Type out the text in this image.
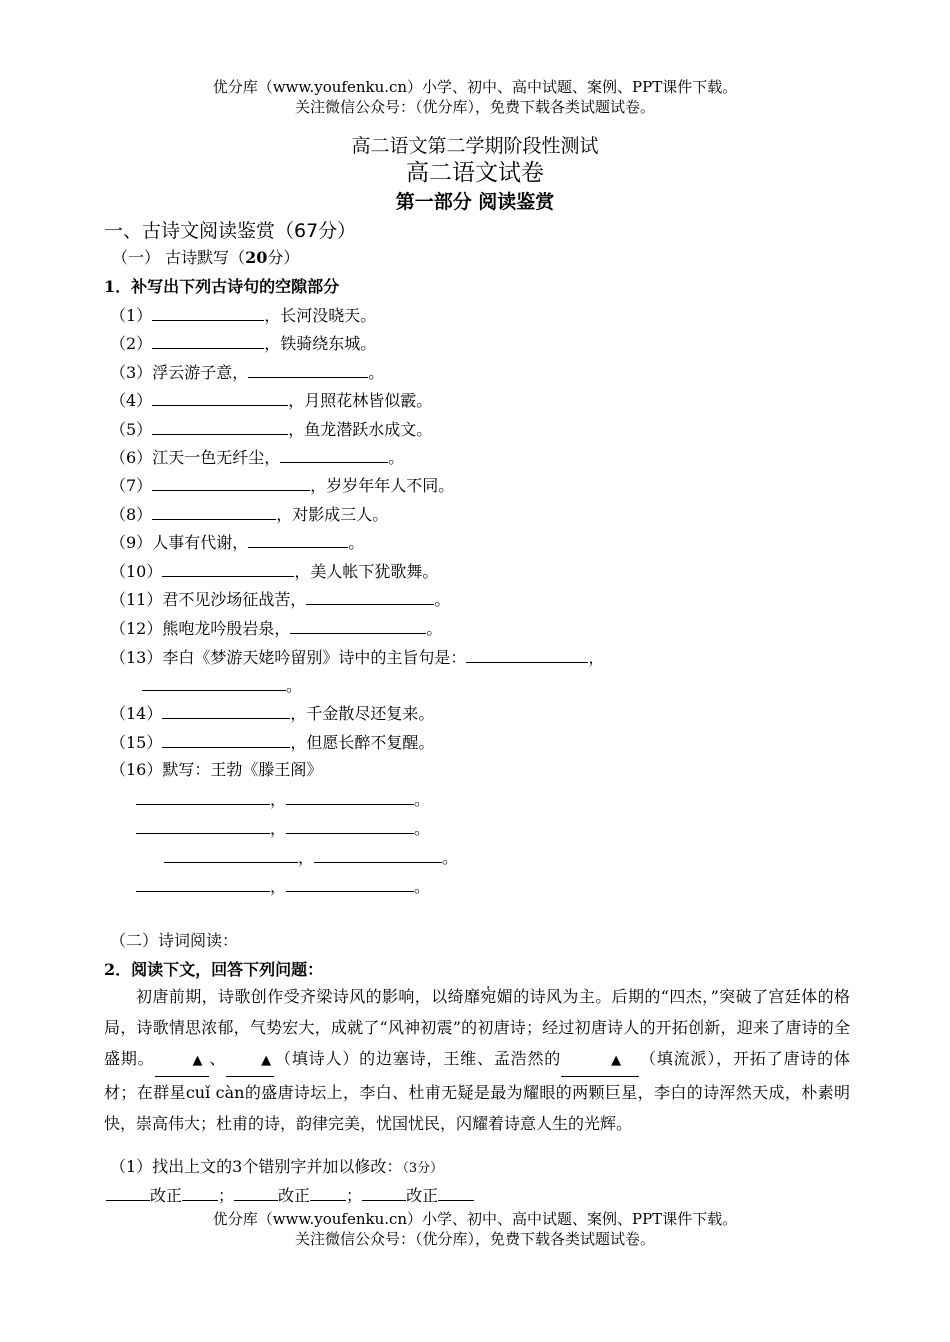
优分库（www.youfenku.cn）小学、初中、高中试题、案例、PPT课件下载。
关注微信公众号：（优分库），免费下载各类试题试卷。
高二语文第二学期阶段性测试
高二语文试卷
第一部分 阅读鉴赏
一、古诗文阅读鉴赏（67分）
（一） 古诗默写（20分）
1．补写出下列古诗句的空隙部分
（1）	，长河没晓天。
（2）	，铁骑绕东城。
（3）浮云游子意，	。
（4）	，月照花林皆似霰。
（5）	，鱼龙潜跃水成文。
（6）江天一色无纤尘，	。
（7）	，岁岁年年人不同。
（8）	，对影成三人。
（9）人事有代谢，	。
（10）	，美人帐下犹歌舞。
（11）君不见沙场征战苦，	。
（12）熊咆龙吟殷岩泉，	。
（13）李白《梦游天姥吟留别》诗中的主旨句是：	，
。
（14）	，千金散尽还复来。
（15）	，但愿长醉不复醒。
（16）默写：王勃《滕王阁》
，	。
，	。
，	。
，	。
（二）诗词阅读：
2．阅读下文，回答下列问题：
初唐前期，诗歌创作受齐梁诗风的影响，以绮靡宛媚的诗风为主。后期的“四杰，”突破了宫廷体的格局，诗歌情思浓郁，气势宏大，成就了“风神初震”的初唐诗；经过初唐诗人的开拓创新，迎来了唐诗的全盛期。	▲ 、	▲ （填诗人）的边塞诗，王维、孟浩然的	▲ （填流派），开拓了唐诗的体材；在群星cuǐ càn的盛唐诗坛上，李白、杜甫无疑是最为耀眼的两颗巨星，李白的诗浑然天成，朴素明快，崇高伟大；杜甫的诗，韵律完美，忧国忧民，闪耀着诗意人生的光辉。
（1）找出上文的3个错别字并加以修改：（3分）
改正 ；	改正 ；	改正
优分库（www.youfenku.cn）小学、初中、高中试题、案例、PPT课件下载。
关注微信公众号：（优分库），免费下载各类试题试卷。
